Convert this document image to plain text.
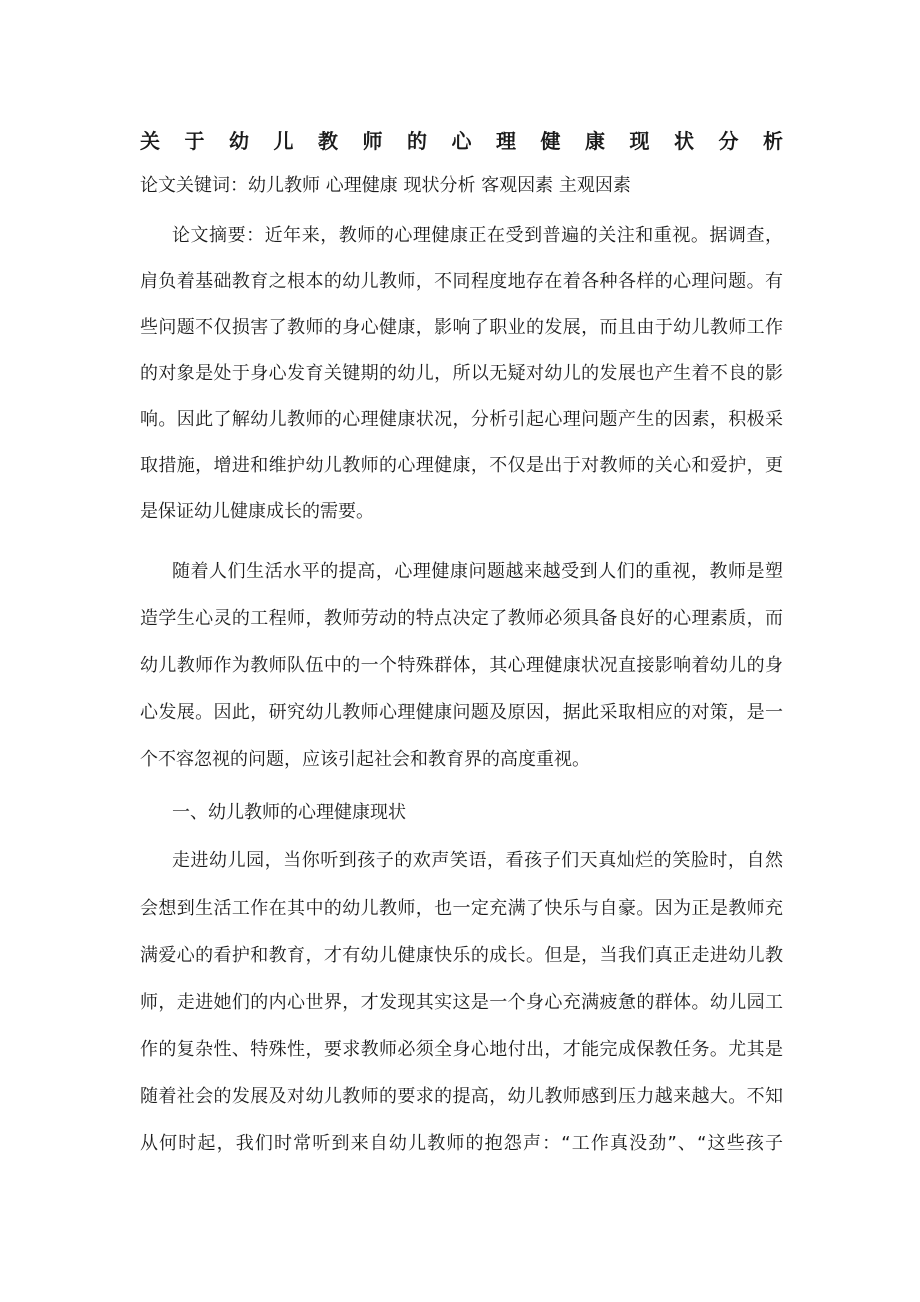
关 于 幼 儿 教 师 的 心 理 健 康 现 状 分 析
论文关键词：幼儿教师 心理健康 现状分析 客观因素 主观因素
论文摘要：近年来，教师的心理健康正在受到普遍的关注和重视。据调查，
肩负着基础教育之根本的幼儿教师，不同程度地存在着各种各样的心理问题。有
些问题不仅损害了教师的身心健康，影响了职业的发展，而且由于幼儿教师工作
的对象是处于身心发育关键期的幼儿，所以无疑对幼儿的发展也产生着不良的影
响。因此了解幼儿教师的心理健康状况，分析引起心理问题产生的因素，积极采
取措施，增进和维护幼儿教师的心理健康，不仅是出于对教师的关心和爱护，更
是保证幼儿健康成长的需要。
随着人们生活水平的提高，心理健康问题越来越受到人们的重视，教师是塑
造学生心灵的工程师，教师劳动的特点决定了教师必须具备良好的心理素质，而
幼儿教师作为教师队伍中的一个特殊群体，其心理健康状况直接影响着幼儿的身
心发展。因此，研究幼儿教师心理健康问题及原因，据此采取相应的对策，是一
个不容忽视的问题，应该引起社会和教育界的高度重视。
一、幼儿教师的心理健康现状
走进幼儿园，当你听到孩子的欢声笑语，看孩子们天真灿烂的笑脸时，自然
会想到生活工作在其中的幼儿教师，也一定充满了快乐与自豪。因为正是教师充
满爱心的看护和教育，才有幼儿健康快乐的成长。但是，当我们真正走进幼儿教
师，走进她们的内心世界，才发现其实这是一个身心充满疲惫的群体。幼儿园工
作的复杂性、特殊性，要求教师必须全身心地付出，才能完成保教任务。尤其是
随着社会的发展及对幼儿教师的要求的提高，幼儿教师感到压力越来越大。不知
从何时起，我们时常听到来自幼儿教师的抱怨声：“工作真没劲”、“这些孩子
